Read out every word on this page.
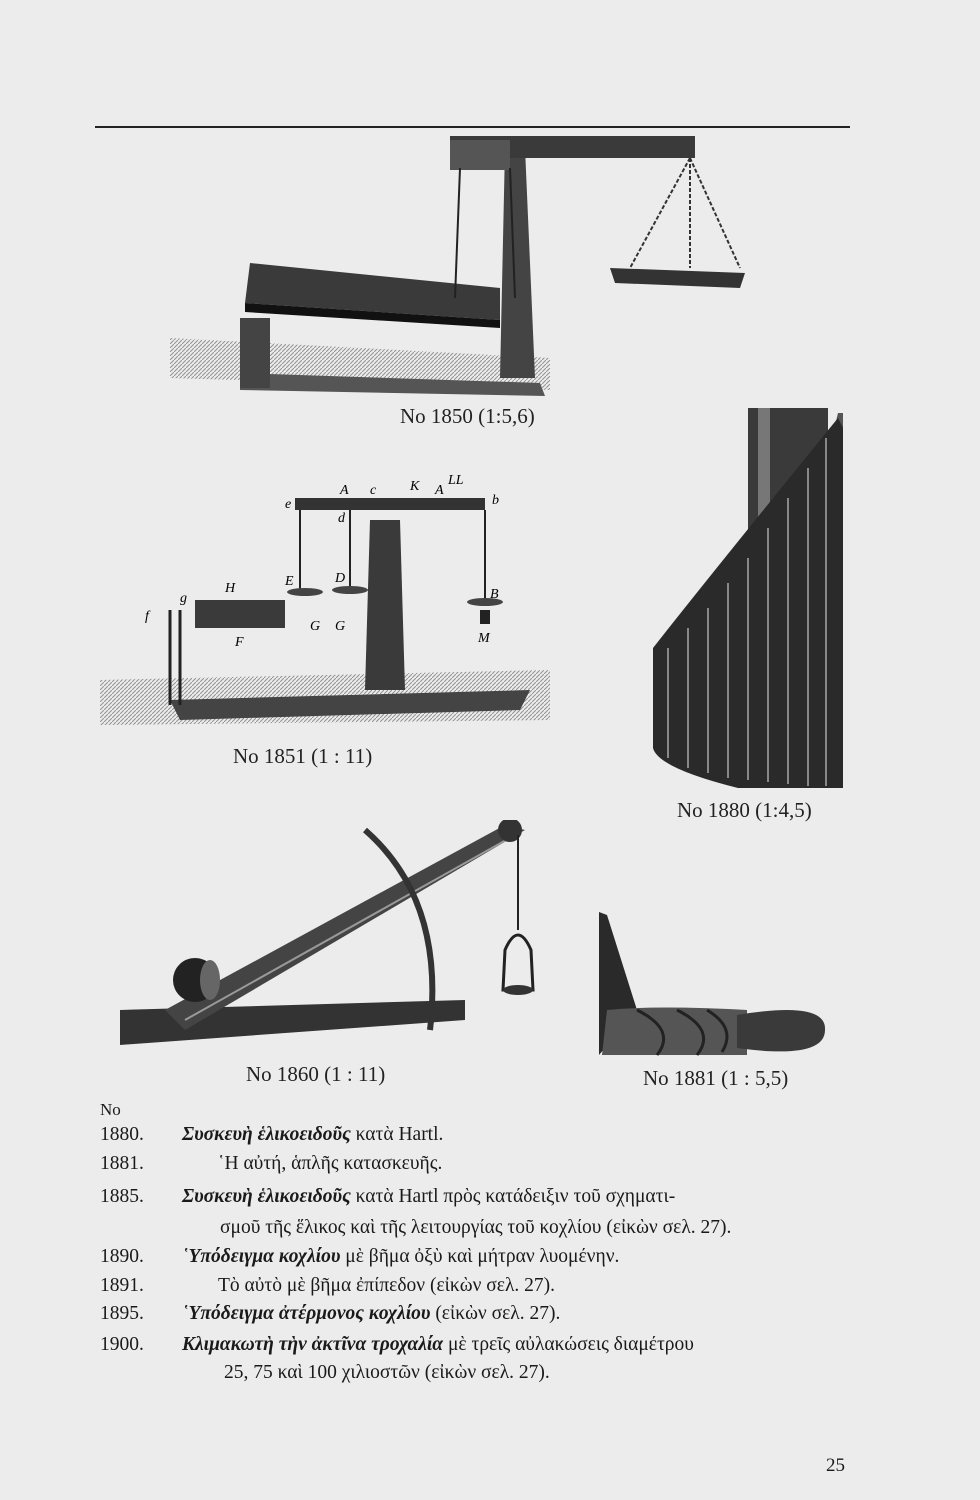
No 1850 (1:5,6)
e
A c K A
LL
b
d
E	D
B
H
g
f
F
G G
M
No 1851 (1 : 11)
No 1880 (1:4,5)
No 1860 (1 : 11)	No 1881 (1 : 5,5)
No
1880.	Συσκευὴ ἑλικοειδοῦς κατὰ Hartl.
1881.	῾Η αὐτή, ἁπλῆς κατασκευῆς.
1885.	Συσκευὴ ἑλικοειδοῦς κατὰ Hartl πρὸς κατάδειξιν τοῦ σχηματι-
σμοῦ τῆς ἕλικος καὶ τῆς λειτουργίας τοῦ κοχλίου (εἰκὼν σελ. 27).
1890.	῾Υπόδειγμα κοχλίου μὲ βῆμα ὀξὺ καὶ μήτραν λυομένην.
1891.	Τὸ αὐτὸ μὲ βῆμα ἐπίπεδον (εἰκὼν σελ. 27).
1895.	῾Υπόδειγμα ἀτέρμονος κοχλίου (εἰκὼν σελ. 27).
1900.	Κλιμακωτὴ τὴν ἀκτῖνα τροχαλία μὲ τρεῖς αὐλακώσεις διαμέτρου
25, 75 καὶ 100 χιλιοστῶν (εἰκὼν σελ. 27).
25
